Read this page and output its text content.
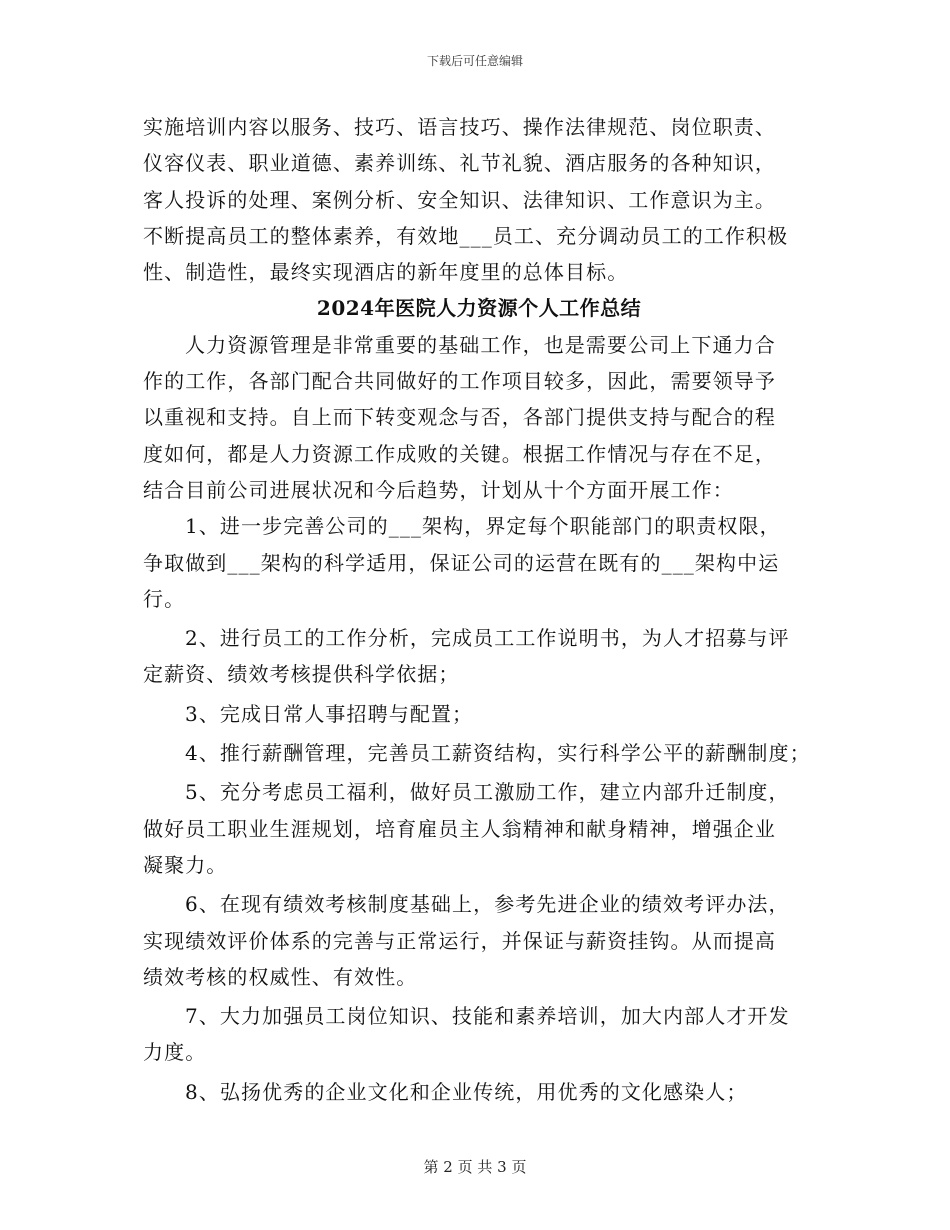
下载后可任意编辑
实施培训内容以服务、技巧、语言技巧、操作法律规范、岗位职责、
仪容仪表、职业道德、素养训练、礼节礼貌、酒店服务的各种知识，
客人投诉的处理、案例分析、安全知识、法律知识、工作意识为主。
不断提高员工的整体素养，有效地___员工、充分调动员工的工作积极
性、制造性，最终实现酒店的新年度里的总体目标。
2024年医院人力资源个人工作总结
人力资源管理是非常重要的基础工作，也是需要公司上下通力合
作的工作，各部门配合共同做好的工作项目较多，因此，需要领导予
以重视和支持。自上而下转变观念与否，各部门提供支持与配合的程
度如何，都是人力资源工作成败的关键。根据工作情况与存在不足，
结合目前公司进展状况和今后趋势，计划从十个方面开展工作：
1、进一步完善公司的___架构，界定每个职能部门的职责权限，
争取做到___架构的科学适用，保证公司的运营在既有的___架构中运
行。
2、进行员工的工作分析，完成员工工作说明书，为人才招募与评
定薪资、绩效考核提供科学依据；
3、完成日常人事招聘与配置；
4、推行薪酬管理，完善员工薪资结构，实行科学公平的薪酬制度；
5、充分考虑员工福利，做好员工激励工作，建立内部升迁制度，
做好员工职业生涯规划，培育雇员主人翁精神和献身精神，增强企业
凝聚力。
6、在现有绩效考核制度基础上，参考先进企业的绩效考评办法，
实现绩效评价体系的完善与正常运行，并保证与薪资挂钩。从而提高
绩效考核的权威性、有效性。
7、大力加强员工岗位知识、技能和素养培训，加大内部人才开发
力度。
8、弘扬优秀的企业文化和企业传统，用优秀的文化感染人；
第 2 页 共 3 页
